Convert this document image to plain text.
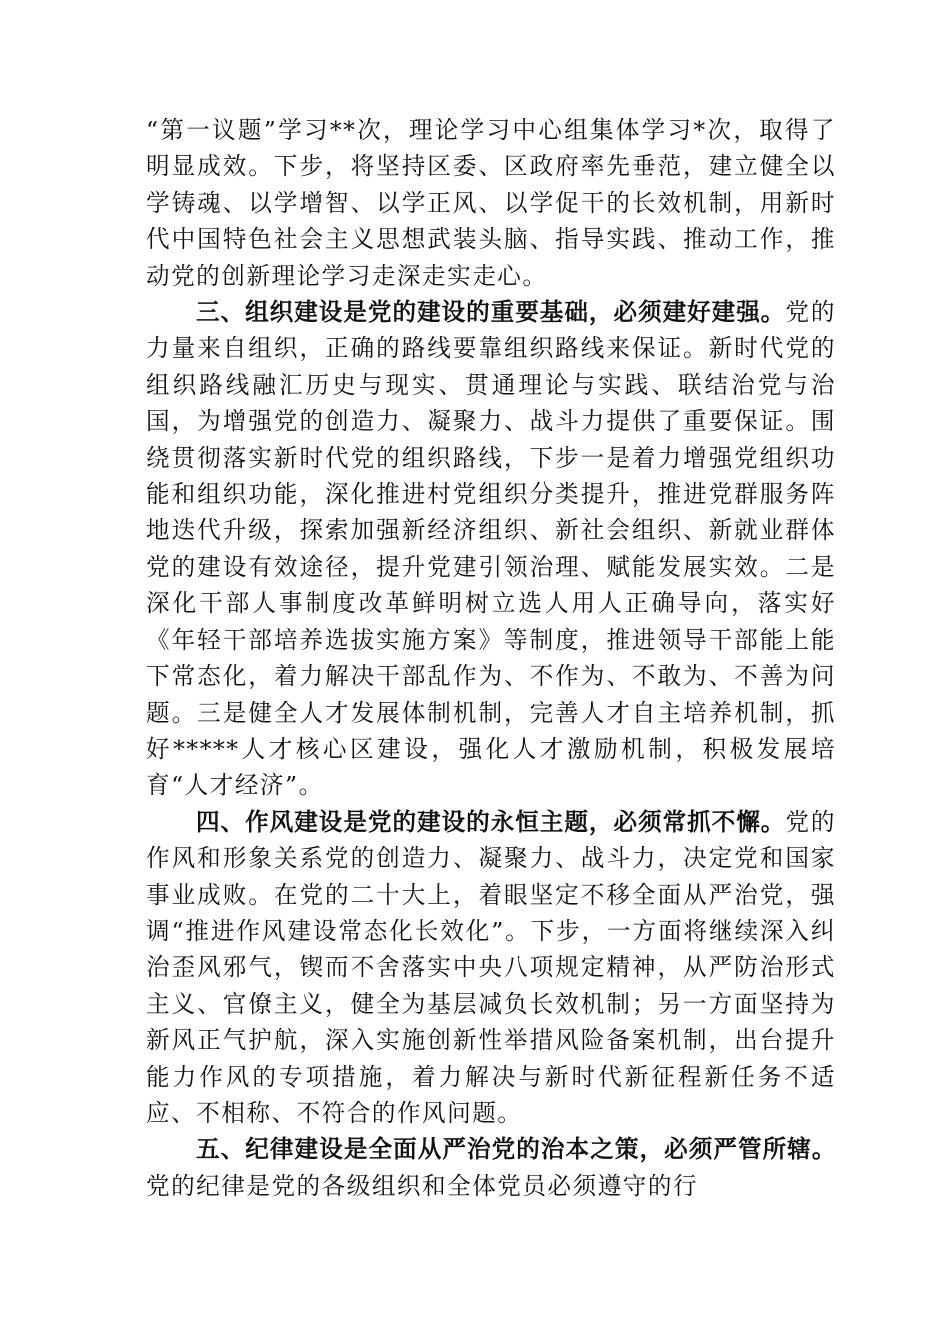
“第一议题”学习**次，理论学习中心组集体学习*次，取得了明显成效。下步，将坚持区委、区政府率先垂范，建立健全以学铸魂、以学增智、以学正风、以学促干的长效机制，用新时代中国特色社会主义思想武装头脑、指导实践、推动工作，推动党的创新理论学习走深走实走心。

三、组织建设是党的建设的重要基础，必须建好建强。党的力量来自组织，正确的路线要靠组织路线来保证。新时代党的组织路线融汇历史与现实、贯通理论与实践、联结治党与治国，为增强党的创造力、凝聚力、战斗力提供了重要保证。围绕贯彻落实新时代党的组织路线，下步一是着力增强党组织功能和组织功能，深化推进村党组织分类提升，推进党群服务阵地迭代升级，探索加强新经济组织、新社会组织、新就业群体党的建设有效途径，提升党建引领治理、赋能发展实效。二是深化干部人事制度改革鲜明树立选人用人正确导向，落实好《年轻干部培养选拔实施方案》等制度，推进领导干部能上能下常态化，着力解决干部乱作为、不作为、不敢为、不善为问题。三是健全人才发展体制机制，完善人才自主培养机制，抓好*****人才核心区建设，强化人才激励机制，积极发展培育“人才经济”。

四、作风建设是党的建设的永恒主题，必须常抓不懈。党的作风和形象关系党的创造力、凝聚力、战斗力，决定党和国家事业成败。在党的二十大上，着眼坚定不移全面从严治党，强调“推进作风建设常态化长效化”。下步，一方面将继续深入纠治歪风邪气，锲而不舍落实中央八项规定精神，从严防治形式主义、官僚主义，健全为基层减负长效机制；另一方面坚持为新风正气护航，深入实施创新性举措风险备案机制，出台提升能力作风的专项措施，着力解决与新时代新征程新任务不适应、不相称、不符合的作风问题。

五、纪律建设是全面从严治党的治本之策，必须严管所辖。党的纪律是党的各级组织和全体党员必须遵守的行
